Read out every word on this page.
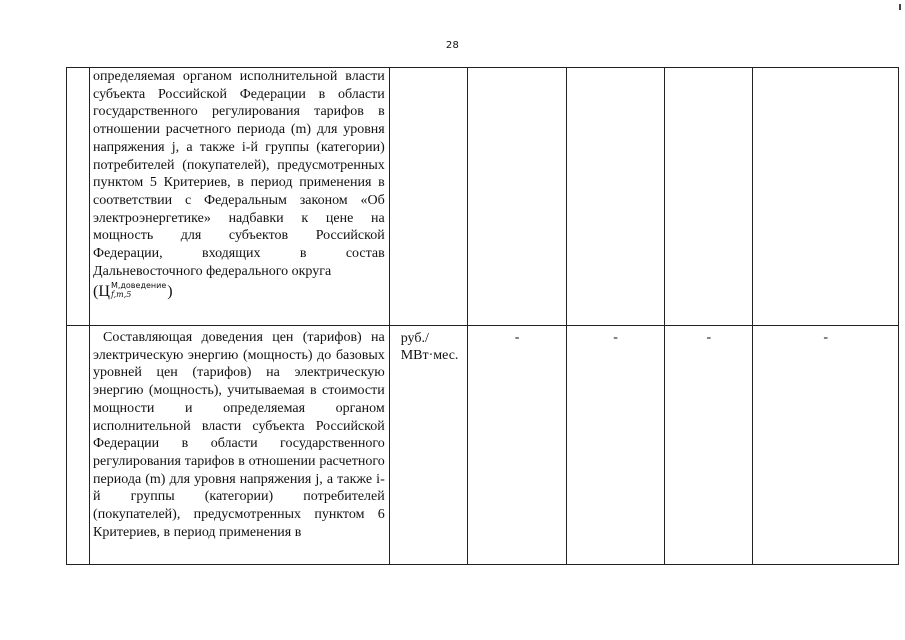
28

	определяемая органом исполнительной власти субъекта Российской Федерации в области государственного регулирования тарифов в отношении расчетного периода (m) для уровня напряжения j, а также i-й группы (категории) потребителей (покупателей), предусмотренных пунктом 5 Критериев, в период применения в соответствии с Федеральным законом «Об электроэнергетике» надбавки к цене на мощность для субъектов Российской Федерации, входящих в состав Дальневосточного федерального округа

(Ц М,доведение
f,m,5 )					

	Составляющая доведения цен (тарифов) на электрическую энергию (мощность) до базовых уровней цен (тарифов) на электрическую энергию (мощность), учитываемая в стоимости мощности и определяемая органом исполнительной власти субъекта Российской Федерации в области государственного регулирования тарифов в отношении расчетного периода (m) для уровня напряжения j, а также i-й группы (категории) потребителей (покупателей), предусмотренных пунктом 6 Критериев, в период применения в	руб./
МВт·мес.	-	-	-	-
